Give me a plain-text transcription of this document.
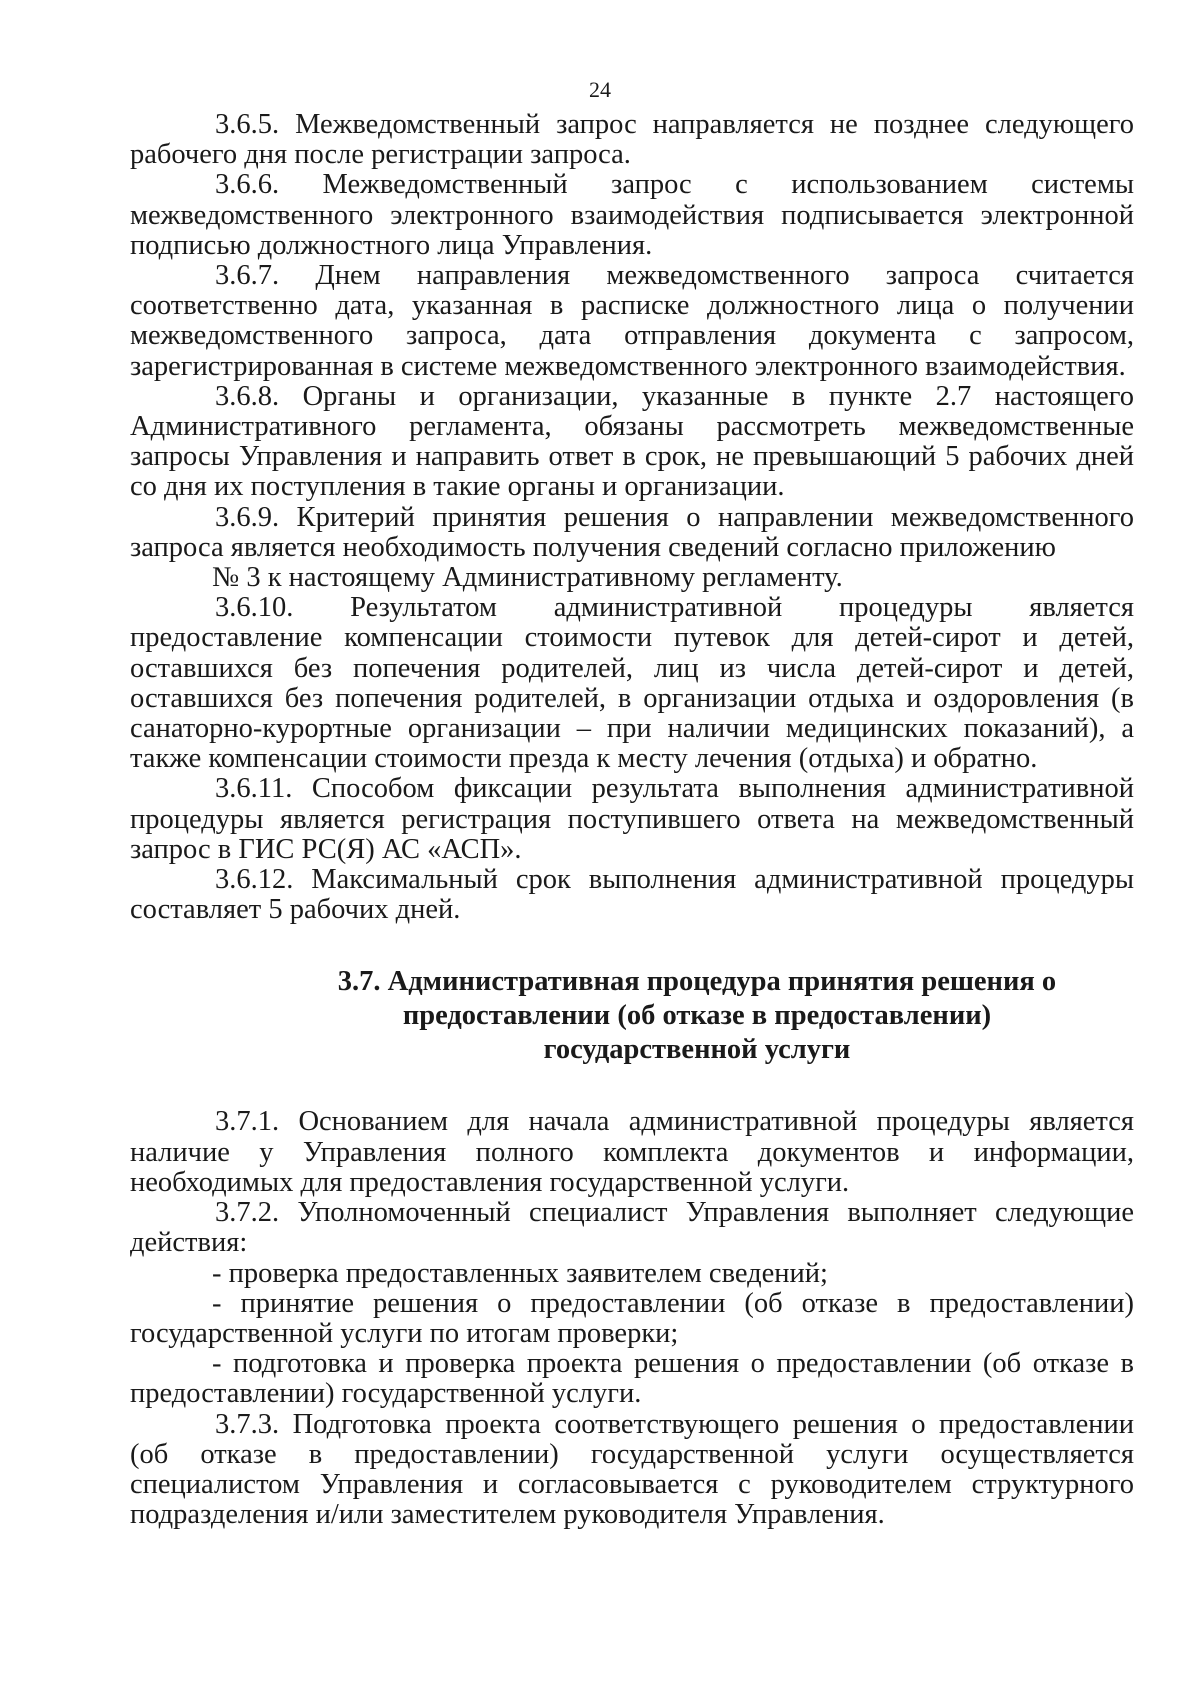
24

3.6.5. Межведомственный запрос направляется не позднее следующего рабочего дня после регистрации запроса.

3.6.6. Межведомственный запрос с использованием системы межведомственного электронного взаимодействия подписывается электронной подписью должностного лица Управления.

3.6.7. Днем направления межведомственного запроса считается соответственно дата, указанная в расписке должностного лица о получении межведомственного запроса, дата отправления документа с запросом, зарегистрированная в системе межведомственного электронного взаимодействия.

3.6.8. Органы и организации, указанные в пункте 2.7 настоящего Административного регламента, обязаны рассмотреть межведомственные запросы Управления и направить ответ в срок, не превышающий 5 рабочих дней со дня их поступления в такие органы и организации.

3.6.9. Критерий принятия решения о направлении межведомственного запроса является необходимость получения сведений согласно приложению

№ 3 к настоящему Административному регламенту.

3.6.10. Результатом административной процедуры является предоставление компенсации стоимости путевок для детей-сирот и детей, оставшихся без попечения родителей, лиц из числа детей-сирот и детей, оставшихся без попечения родителей, в организации отдыха и оздоровления (в санаторно-курортные организации – при наличии медицинских показаний), а также компенсации стоимости презда к месту лечения (отдыха) и обратно.

3.6.11. Способом фиксации результата выполнения административной процедуры является регистрация поступившего ответа на межведомственный запрос в ГИС РС(Я) АС «АСП».

3.6.12. Максимальный срок выполнения административной процедуры составляет 5 рабочих дней.

3.7. Административная процедура принятия решения о
предоставлении (об отказе в предоставлении)
государственной услуги

3.7.1. Основанием для начала административной процедуры является наличие у Управления полного комплекта документов и информации, необходимых для предоставления государственной услуги.

3.7.2. Уполномоченный специалист Управления выполняет следующие действия:

- проверка предоставленных заявителем сведений;

- принятие решения о предоставлении (об отказе в предоставлении) государственной услуги по итогам проверки;

- подготовка и проверка проекта решения о предоставлении (об отказе в предоставлении) государственной услуги.

3.7.3. Подготовка проекта соответствующего решения о предоставлении (об отказе в предоставлении) государственной услуги осуществляется специалистом Управления и согласовывается с руководителем структурного подразделения и/или заместителем руководителя Управления.
